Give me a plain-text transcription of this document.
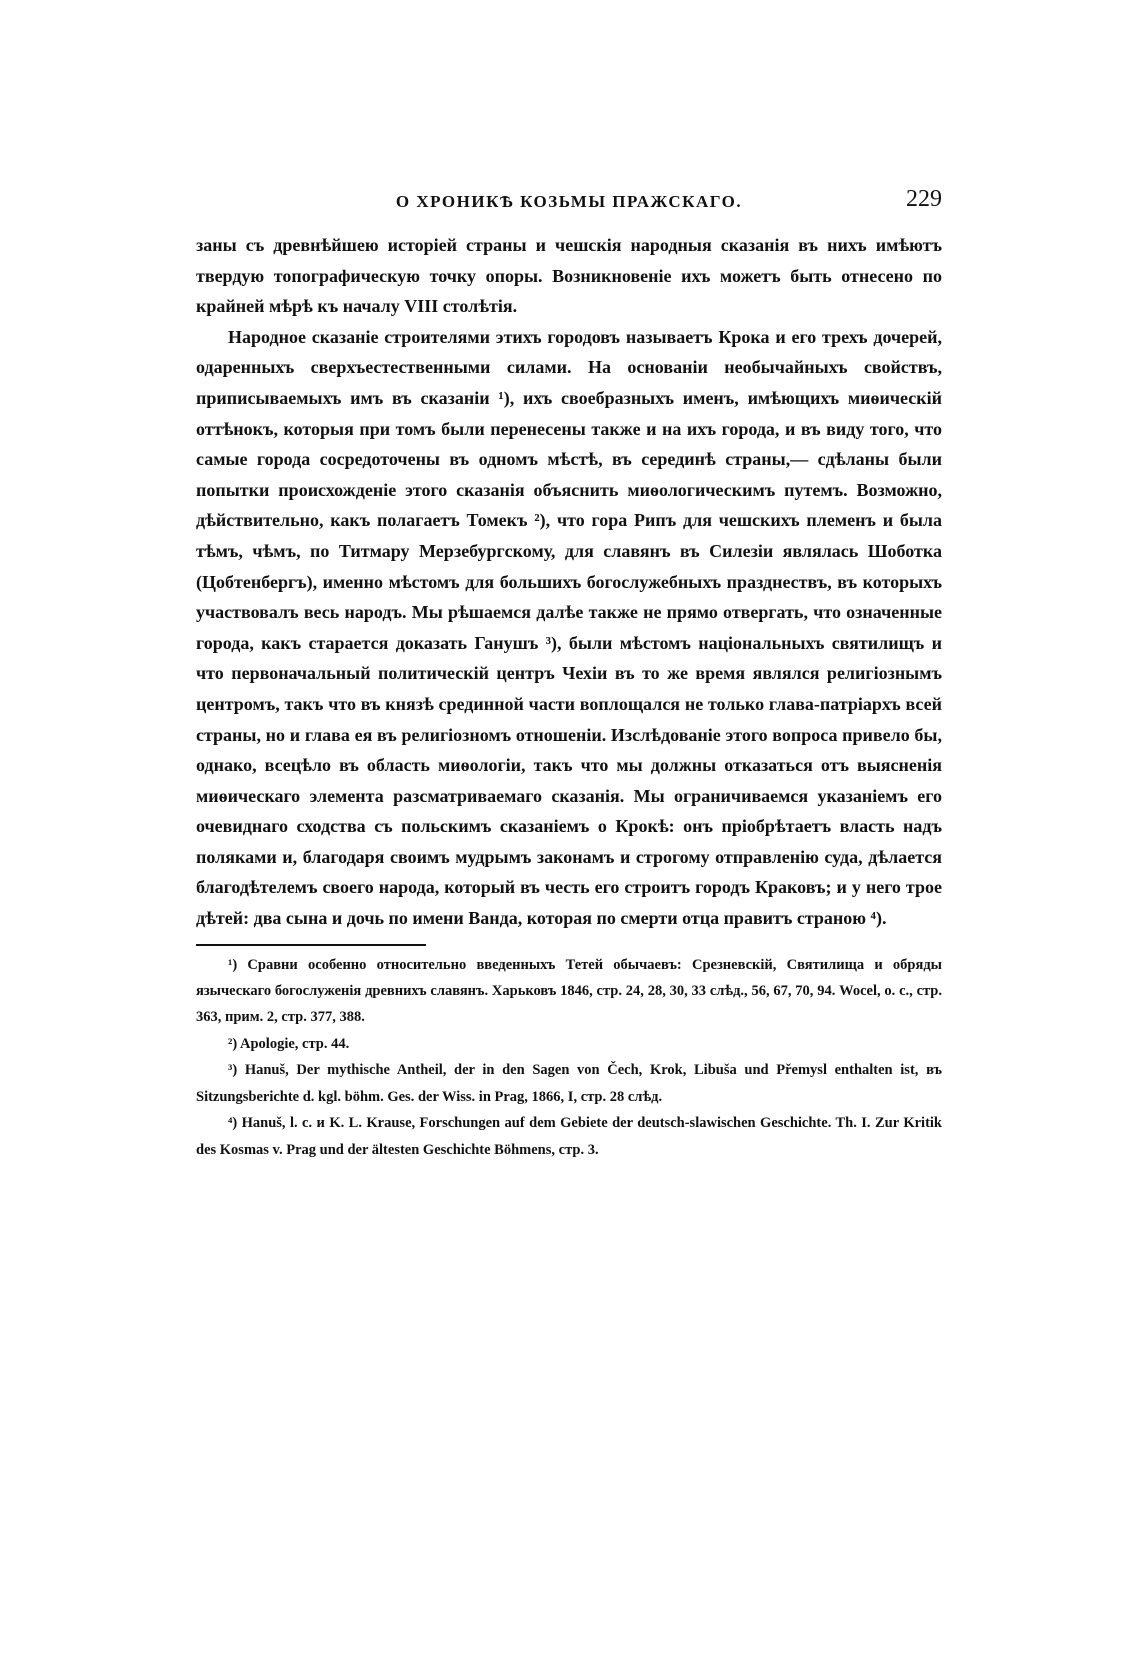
О ХРОНИКѢ КОЗЬМЫ ПРАЖСКАГО.	229

заны съ древнѣйшею исторіей страны и чешскія народныя сказанія въ нихъ имѣютъ твердую топографическую точку опоры. Возникновеніе ихъ можетъ быть отнесено по крайней мѣрѣ къ началу VIII столѣтія.

Народное сказаніе строителями этихъ городовъ называетъ Крока и его трехъ дочерей, одаренныхъ сверхъестественными силами. На основаніи необычайныхъ свойствъ, приписываемыхъ имъ въ сказаніи ¹), ихъ своебразныхъ именъ, имѣющихъ миѳическій оттѣнокъ, которыя при томъ были перенесены также и на ихъ города, и въ виду того, что самые города сосредоточены въ одномъ мѣстѣ, въ серединѣ страны,— сдѣланы были попытки происхожденіе этого сказанія объяснить миѳологическимъ путемъ. Возможно, дѣйствительно, какъ полагаетъ Томекъ ²), что гора Рипъ для чешскихъ племенъ и была тѣмъ, чѣмъ, по Титмару Мерзебургскому, для славянъ въ Силезіи являлась Шоботка (Цобтенбергъ), именно мѣстомъ для большихъ богослужебныхъ празднествъ, въ которыхъ участвовалъ весь народъ. Мы рѣшаемся далѣе также не прямо отвергать, что означенные города, какъ старается доказать Ганушъ ³), были мѣстомъ національныхъ святилищъ и что первоначальный политическій центръ Чехіи въ то же время являлся религіознымъ центромъ, такъ что въ князѣ срединной части воплощался не только глава-патріархъ всей страны, но и глава ея въ религіозномъ отношеніи. Изслѣдованіе этого вопроса привело бы, однако, всецѣло въ область миѳологіи, такъ что мы должны отказаться отъ выясненія миѳическаго элемента разсматриваемаго сказанія. Мы ограничиваемся указаніемъ его очевиднаго сходства съ польскимъ сказаніемъ о Крокѣ: онъ пріобрѣтаетъ власть надъ поляками и, благодаря своимъ мудрымъ законамъ и строгому отправленію суда, дѣлается благодѣтелемъ своего народа, который въ честь его строитъ городъ Краковъ; и у него трое дѣтей: два сына и дочь по имени Ванда, которая по смерти отца правитъ страною ⁴).

¹) Сравни особенно относительно введенныхъ Тетей обычаевъ: Срезневскій, Святилища и обряды языческаго богослуженія древнихъ славянъ. Харьковъ 1846, стр. 24, 28, 30, 33 слѣд., 56, 67, 70, 94. Wocel, o. c., стр. 363, прим. 2, стр. 377, 388.

²) Apologie, стр. 44.

³) Hanuš, Der mythische Antheil, der in den Sagen von Čech, Krok, Libuša und Přemysl enthalten ist, въ Sitzungsberichte d. kgl. böhm. Ges. der Wiss. in Prag, 1866, I, стр. 28 слѣд.

⁴) Hanuš, l. c. и K. L. Krause, Forschungen auf dem Gebiete der deutsch-slawischen Geschichte. Th. I. Zur Kritik des Kosmas v. Prag und der ältesten Geschichte Böhmens, стр. 3.
